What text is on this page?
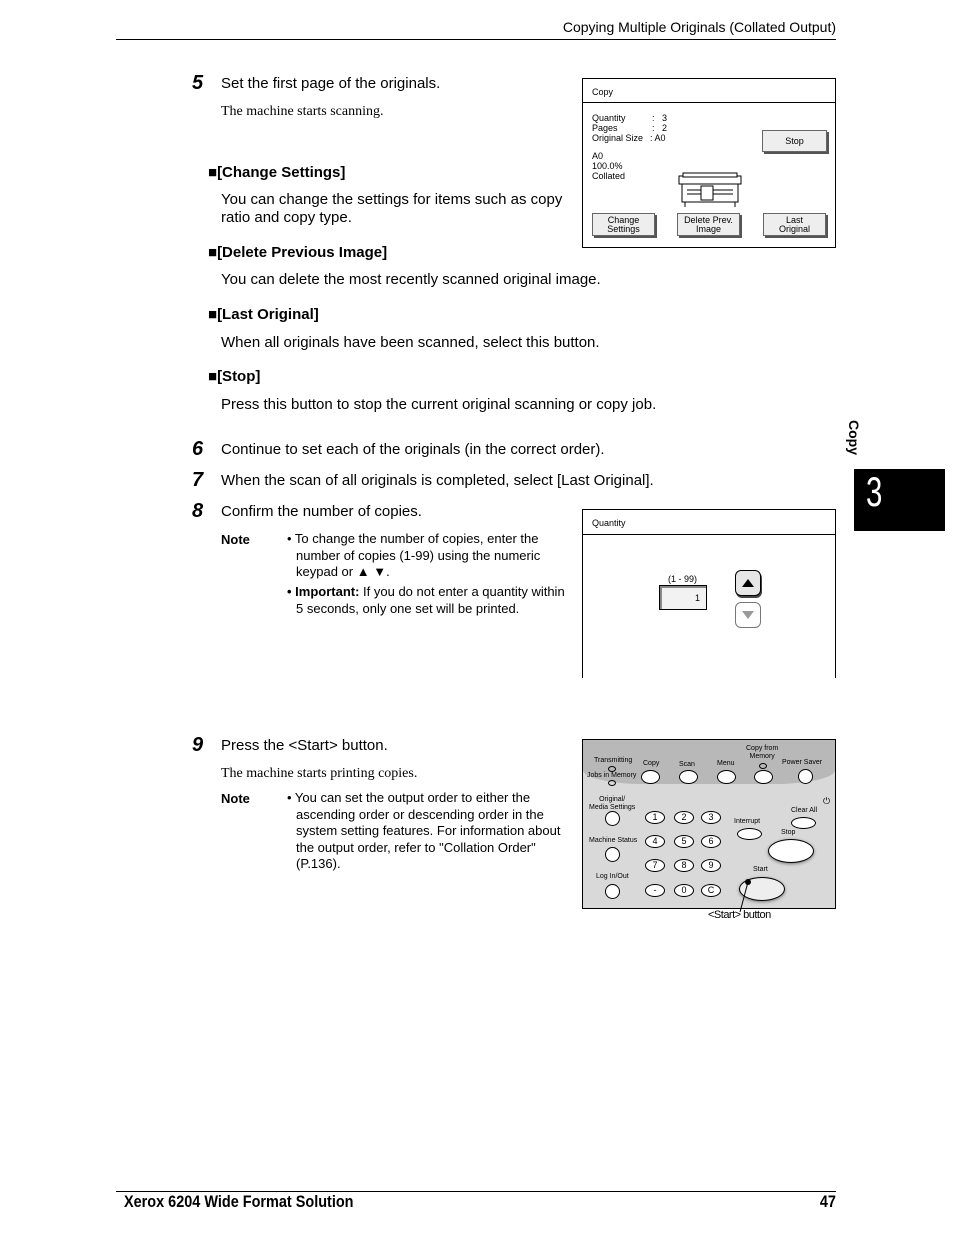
Copying Multiple Originals (Collated Output)
3
Copy
5 Set the first page of the originals.
The machine starts scanning.
■[Change Settings]
You can change the settings for items such as copy ratio and copy type.
■[Delete Previous Image]
You can delete the most recently scanned original image.
■[Last Original]
When all originals have been scanned, select this button.
■[Stop]
Press this button to stop the current original scanning or copy job.
6 Continue to set each of the originals (in the correct order).
7 When the scan of all originals is completed, select [Last Original].
8 Confirm the number of copies.
Note	• To change the number of copies, enter the number of copies (1-99) using the numeric keypad or ▲ ▼.
• Important: If you do not enter a quantity within 5 seconds, only one set will be printed.
9 Press the <Start> button.
The machine starts printing copies.
Note	• You can set the output order to either the ascending order or descending order in the system setting features. For information about the output order, refer to "Collation Order" (P.136).
Copy
Quantity	:   3
Pages	:   2
Original Size : A0
A0
100.0%
Collated
Stop
Change
Settings
Delete Prev.
Image
Last
Original
Quantity
(1 - 99)
1
Transmitting
Jobs in Memory
Copy	Scan	Menu
Copy from
Memory
Power Saver
Original/
Media Settings
Machine Status
Log In/Out
1	2	3
4	5	6
7	8	9
-	0	C
⏻
Clear All
Interrupt
Stop
Start
<Start> button
Xerox 6204 Wide Format Solution	47
